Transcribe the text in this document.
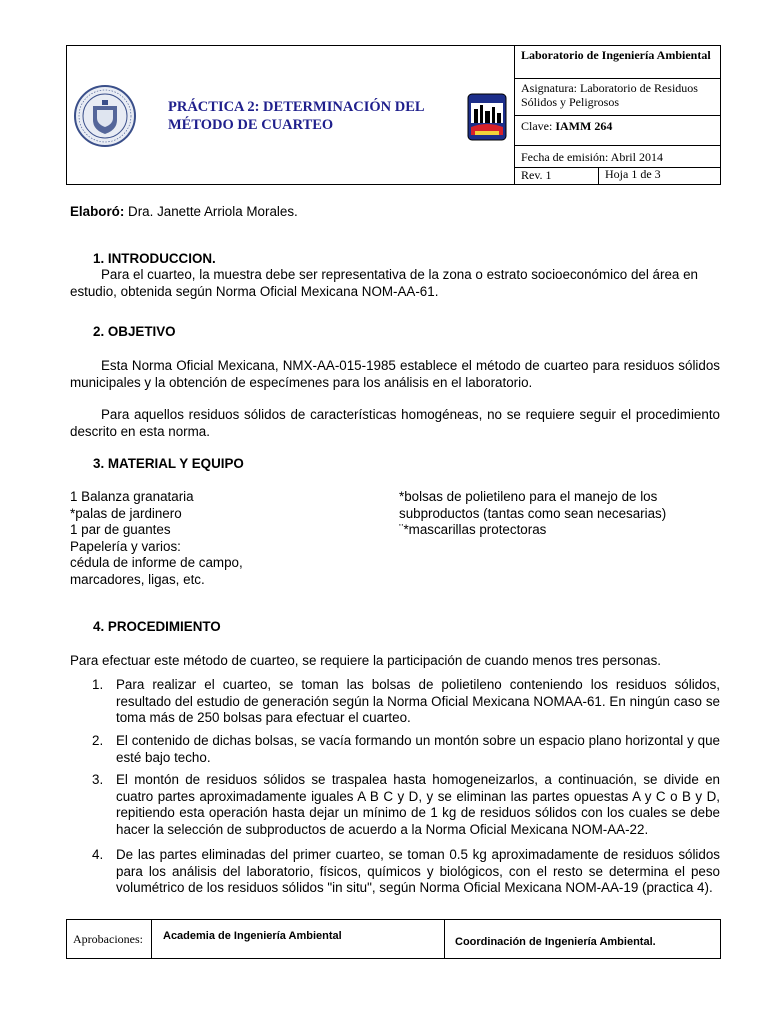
PRÁCTICA 2: DETERMINACIÓN DEL
MÉTODO DE CUARTEO
Laboratorio de Ingeniería Ambiental
Asignatura: Laboratorio de Residuos Sólidos y Peligrosos
Clave: IAMM 264
Fecha de emisión: Abril 2014
Rev. 1	Hoja 1 de 3
Elaboró: Dra. Janette Arriola Morales.
1. INTRODUCCION.
Para el cuarteo, la muestra debe ser representativa de la zona o estrato socioeconómico del área en estudio, obtenida según Norma Oficial Mexicana NOM-AA-61.
2. OBJETIVO
Esta Norma Oficial Mexicana, NMX-AA-015-1985 establece el método de cuarteo para residuos sólidos municipales y la obtención de especímenes para los análisis en el laboratorio.
Para aquellos residuos sólidos de características homogéneas, no se requiere seguir el procedimiento descrito en esta norma.
3. MATERIAL Y EQUIPO
1 Balanza granataria
*palas de jardinero
1 par de guantes
Papelería y varios:
cédula de informe de campo,
marcadores, ligas, etc.
*bolsas de polietileno para el manejo de los
subproductos (tantas como sean necesarias)
¨*mascarillas protectoras
4. PROCEDIMIENTO
Para efectuar este método de cuarteo, se requiere la participación de cuando menos tres personas.
1. Para realizar el cuarteo, se toman las bolsas de polietileno conteniendo los residuos sólidos, resultado del estudio de generación según la Norma Oficial Mexicana NOMAA-61. En ningún caso se toma más de 250 bolsas para efectuar el cuarteo.
2. El contenido de dichas bolsas, se vacía formando un montón sobre un espacio plano horizontal y que esté bajo techo.
3. El montón de residuos sólidos se traspalea hasta homogeneizarlos, a continuación, se divide en cuatro partes aproximadamente iguales A B C y D, y se eliminan las partes opuestas A y C o B y D, repitiendo esta operación hasta dejar un mínimo de 1 kg de residuos sólidos con los cuales se debe hacer la selección de subproductos de acuerdo a la Norma Oficial Mexicana NOM-AA-22.
4. De las partes eliminadas del primer cuarteo, se toman 0.5 kg aproximadamente de residuos sólidos para los análisis del laboratorio, físicos, químicos y biológicos, con el resto se determina el peso volumétrico de los residuos sólidos "in situ", según Norma Oficial Mexicana NOM-AA-19 (practica 4).
Aprobaciones:	Academia de Ingeniería Ambiental	Coordinación de Ingeniería Ambiental.
